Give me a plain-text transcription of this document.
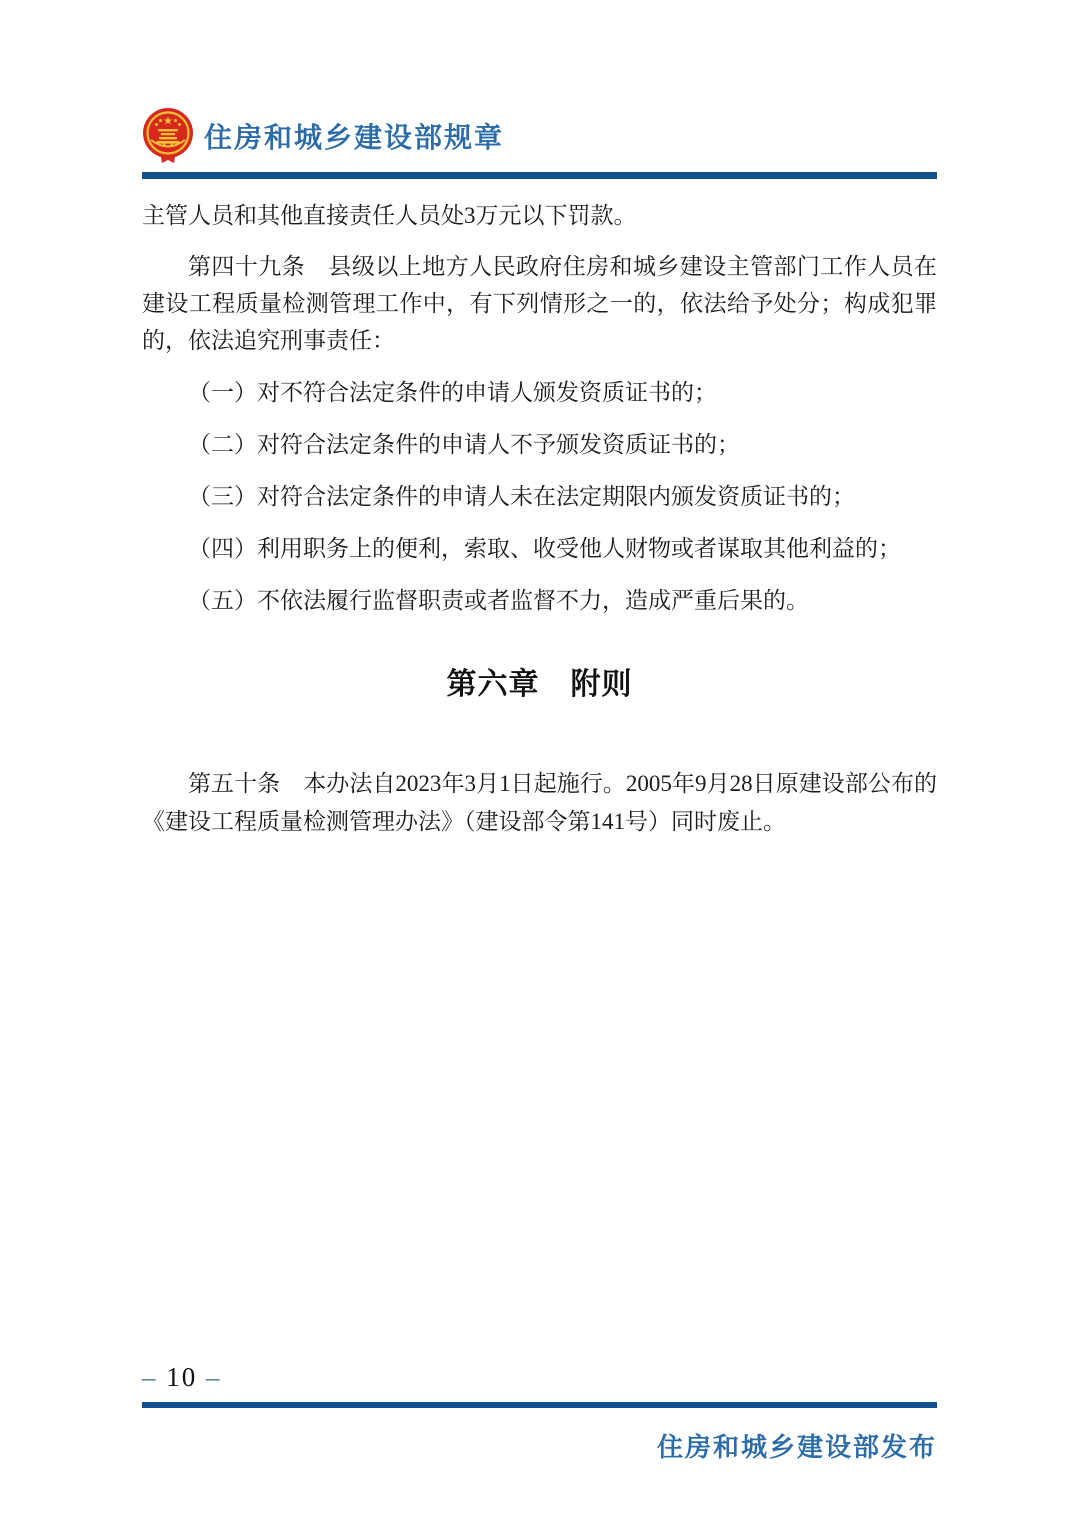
住房和城乡建设部规章

主管人员和其他直接责任人员处3万元以下罚款。

第四十九条　县级以上地方人民政府住房和城乡建设主管部门工作人员在建设工程质量检测管理工作中，有下列情形之一的，依法给予处分；构成犯罪的，依法追究刑事责任：

（一）对不符合法定条件的申请人颁发资质证书的；

（二）对符合法定条件的申请人不予颁发资质证书的；

（三）对符合法定条件的申请人未在法定期限内颁发资质证书的；

（四）利用职务上的便利，索取、收受他人财物或者谋取其他利益的；

（五）不依法履行监督职责或者监督不力，造成严重后果的。

第六章　附则

第五十条　本办法自2023年3月1日起施行。2005年9月28日原建设部公布的《建设工程质量检测管理办法》（建设部令第141号）同时废止。

– 10 –
住房和城乡建设部发布
